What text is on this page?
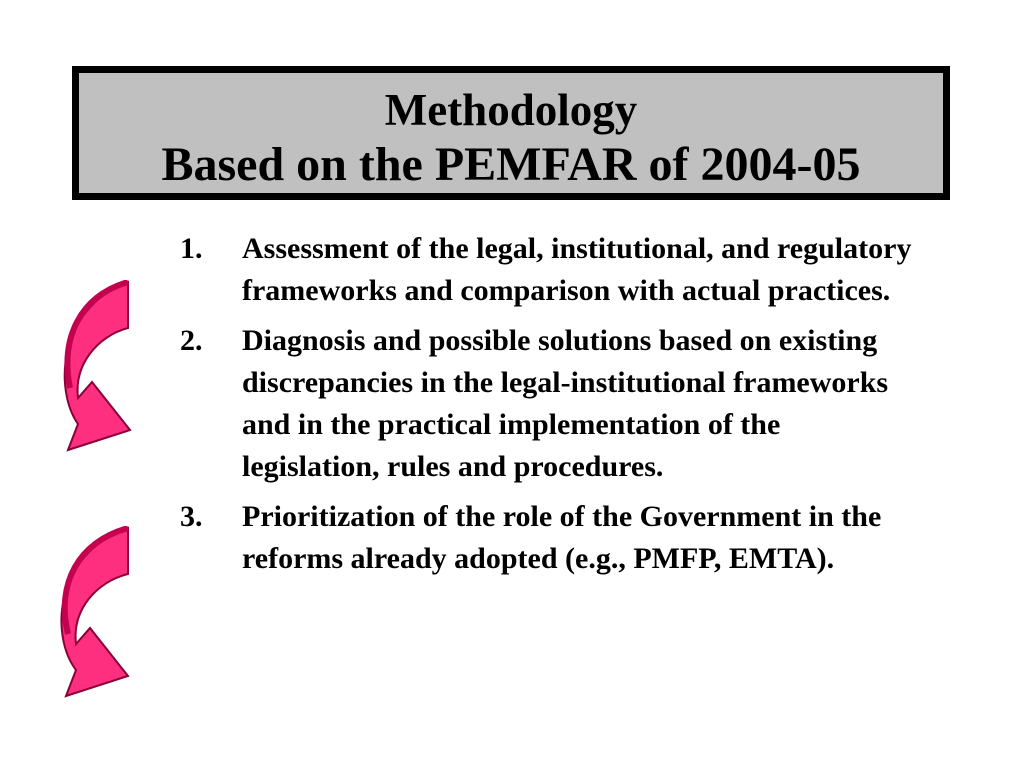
Methodology
Based on the PEMFAR of 2004-05
1. Assessment of the legal, institutional, and regulatory frameworks and comparison with actual practices.
2. Diagnosis and possible solutions based on existing discrepancies in the legal-institutional frameworks and in the practical implementation of the legislation, rules and procedures.
3. Prioritization of the role of the Government in the reforms already adopted (e.g., PMFP, EMTA).
